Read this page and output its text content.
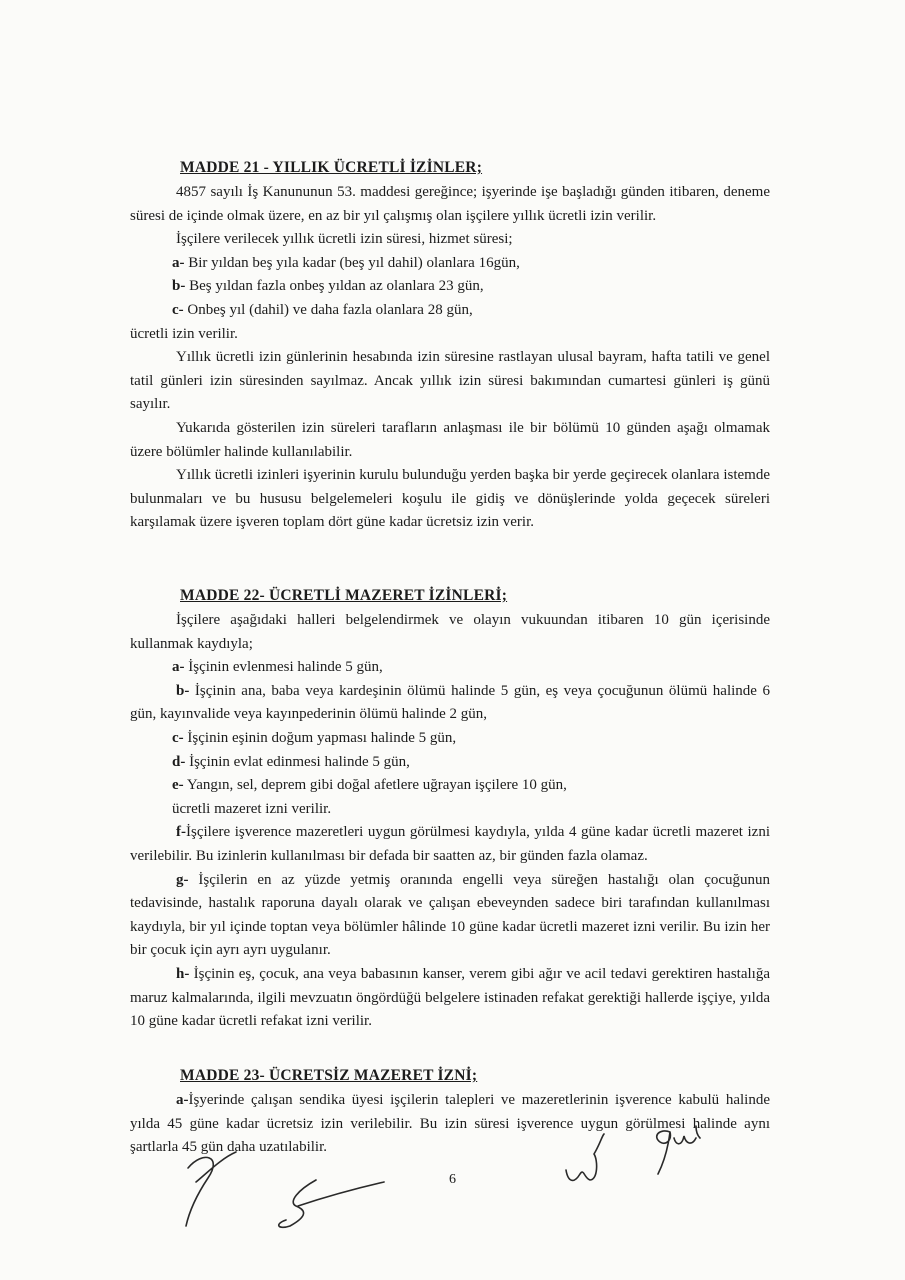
MADDE 21 - YILLIK ÜCRETLİ İZİNLER;

4857 sayılı İş Kanununun 53. maddesi gereğince; işyerinde işe başladığı günden itibaren, deneme süresi de içinde olmak üzere, en az bir yıl çalışmış olan işçilere yıllık ücretli izin verilir.

İşçilere verilecek yıllık ücretli izin süresi, hizmet süresi;

a- Bir yıldan beş yıla kadar (beş yıl dahil) olanlara 16gün,

b- Beş yıldan fazla onbeş yıldan az olanlara 23 gün,

c- Onbeş yıl (dahil) ve daha fazla olanlara 28 gün,

ücretli izin verilir.

Yıllık ücretli izin günlerinin hesabında izin süresine rastlayan ulusal bayram, hafta tatili ve genel tatil günleri izin süresinden sayılmaz. Ancak yıllık izin süresi bakımından cumartesi günleri iş günü sayılır.

Yukarıda gösterilen izin süreleri tarafların anlaşması ile bir bölümü 10 günden aşağı olmamak üzere bölümler halinde kullanılabilir.

Yıllık ücretli izinleri işyerinin kurulu bulunduğu yerden başka bir yerde geçirecek olanlara istemde bulunmaları ve bu hususu belgelemeleri koşulu ile gidiş ve dönüşlerinde yolda geçecek süreleri karşılamak üzere işveren toplam dört güne kadar ücretsiz izin verir.

MADDE 22- ÜCRETLİ MAZERET İZİNLERİ;

İşçilere aşağıdaki halleri belgelendirmek ve olayın vukuundan itibaren 10 gün içerisinde kullanmak kaydıyla;

a- İşçinin evlenmesi halinde 5 gün,

b- İşçinin ana, baba veya kardeşinin ölümü halinde 5 gün, eş veya çocuğunun ölümü halinde 6 gün, kayınvalide veya kayınpederinin ölümü halinde 2 gün,

c- İşçinin eşinin doğum yapması halinde 5 gün,

d- İşçinin evlat edinmesi halinde 5 gün,

e- Yangın, sel, deprem gibi doğal afetlere uğrayan işçilere 10 gün,

ücretli mazeret izni verilir.

f-İşçilere işverence mazeretleri uygun görülmesi kaydıyla, yılda 4 güne kadar ücretli mazeret izni verilebilir. Bu izinlerin kullanılması bir defada bir saatten az, bir günden fazla olamaz.

g- İşçilerin en az yüzde yetmiş oranında engelli veya süreğen hastalığı olan çocuğunun tedavisinde, hastalık raporuna dayalı olarak ve çalışan ebeveynden sadece biri tarafından kullanılması kaydıyla, bir yıl içinde toptan veya bölümler hâlinde 10 güne kadar ücretli mazeret izni verilir. Bu izin her bir çocuk için ayrı ayrı uygulanır.

h- İşçinin eş, çocuk, ana veya babasının kanser, verem gibi ağır ve acil tedavi gerektiren hastalığa maruz kalmalarında, ilgili mevzuatın öngördüğü belgelere istinaden refakat gerektiği hallerde işçiye, yılda 10 güne kadar ücretli refakat izni verilir.

MADDE 23- ÜCRETSİZ MAZERET İZNİ;

a-İşyerinde çalışan sendika üyesi işçilerin talepleri ve mazeretlerinin işverence kabulü halinde yılda 45 güne kadar ücretsiz izin verilebilir. Bu izin süresi işverence uygun görülmesi halinde aynı şartlarla 45 gün daha uzatılabilir.

6
